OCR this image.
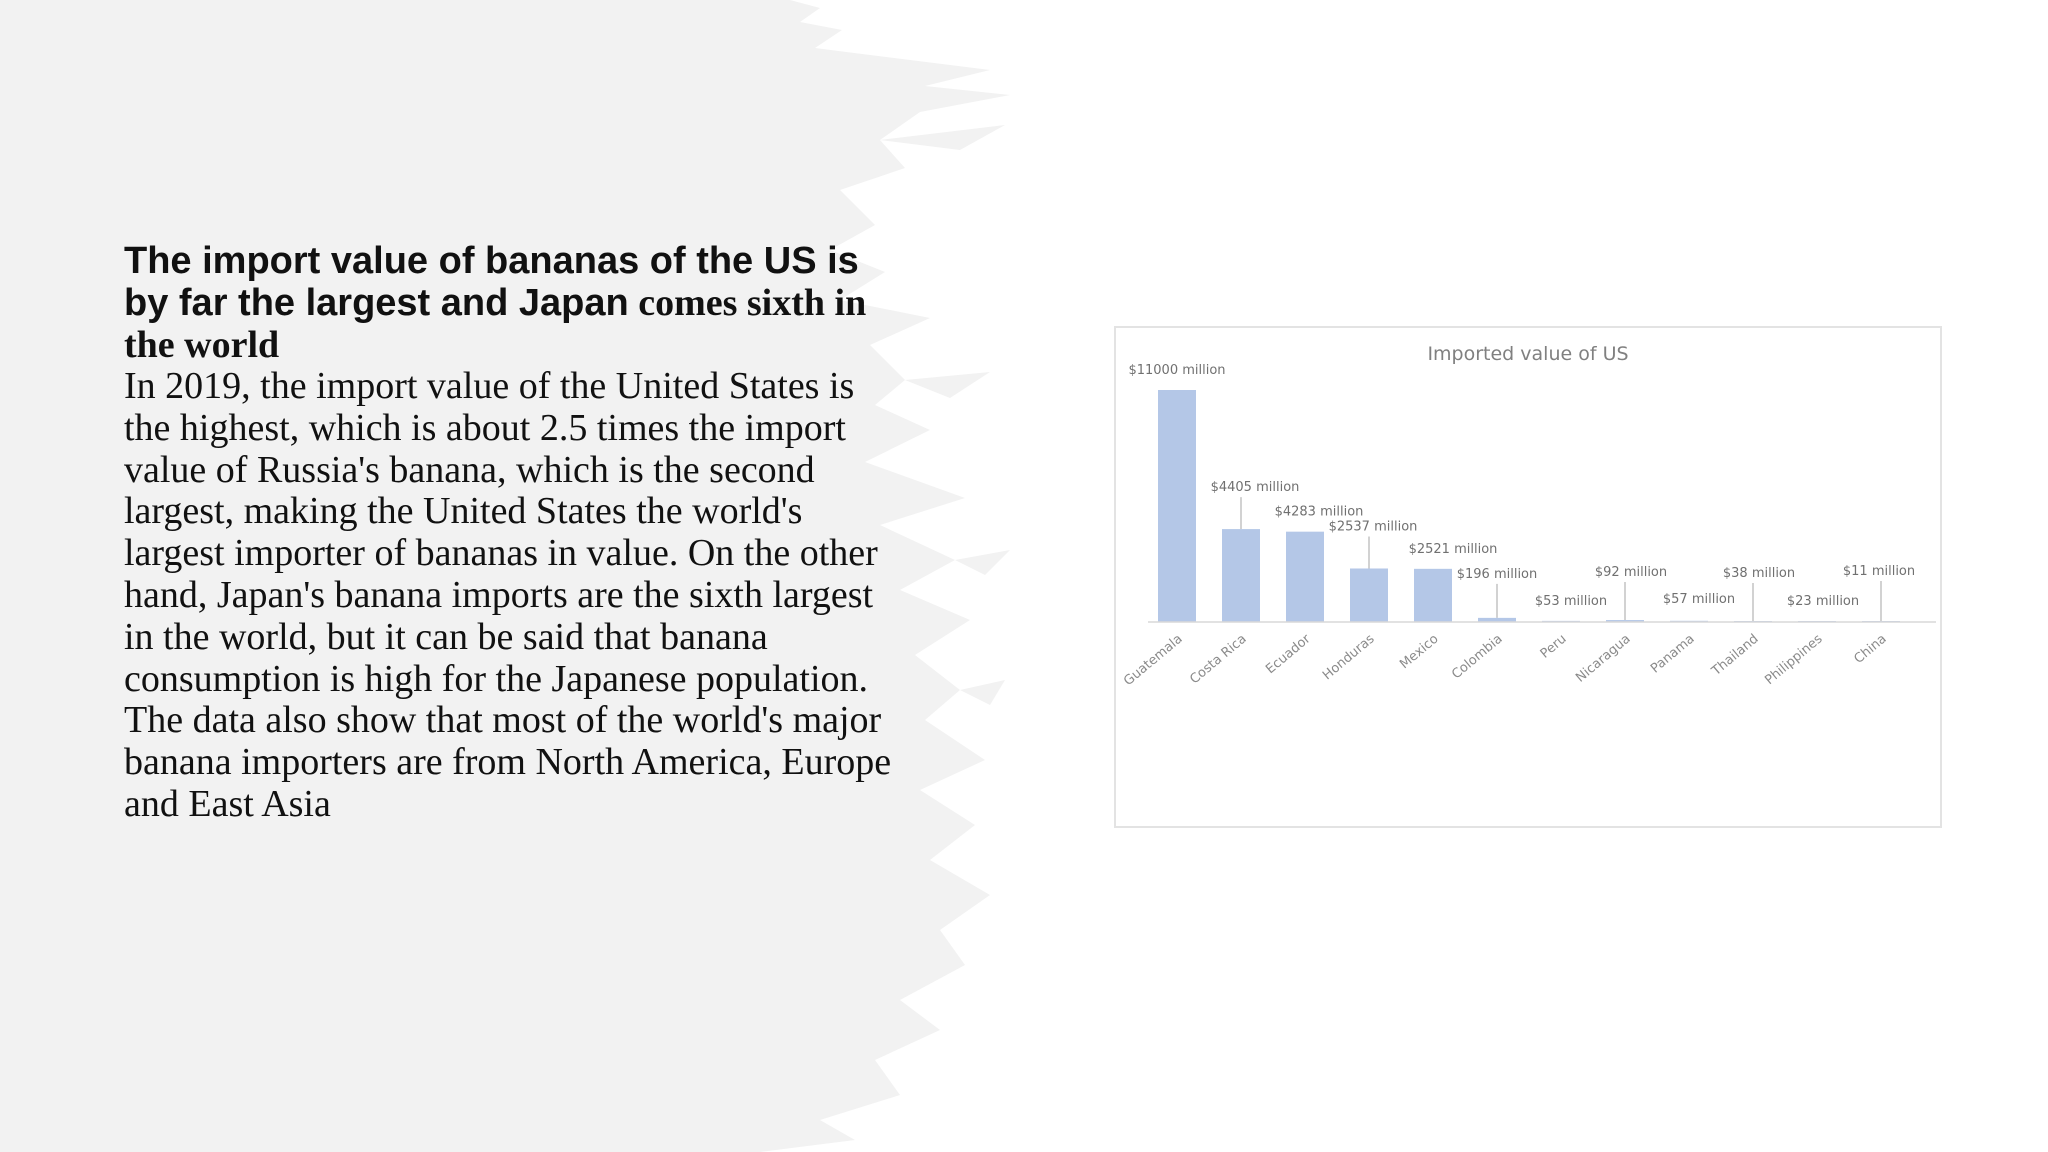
The import value of bananas of the US is by far the largest and Japan comes sixth in the world

In 2019, the import value of the United States is the highest, which is about 2.5 times the import value of Russia's banana, which is the second largest, making the United States the world's largest importer of bananas in value. On the other hand, Japan's banana imports are the sixth largest in the world, but it can be said that banana consumption is high for the Japanese population. The data also show that most of the world's major banana importers are from North America, Europe and East Asia

Imported value of US
$11000 million
$4405 million
$4283 million
$2537 million
$2521 million
$196 million
$53 million
$92 million
$57 million
$38 million
$23 million
$11 million
Guatemala Costa Rica Ecuador Honduras Mexico Colombia Peru Nicaragua Panama Thailand Philippines China
